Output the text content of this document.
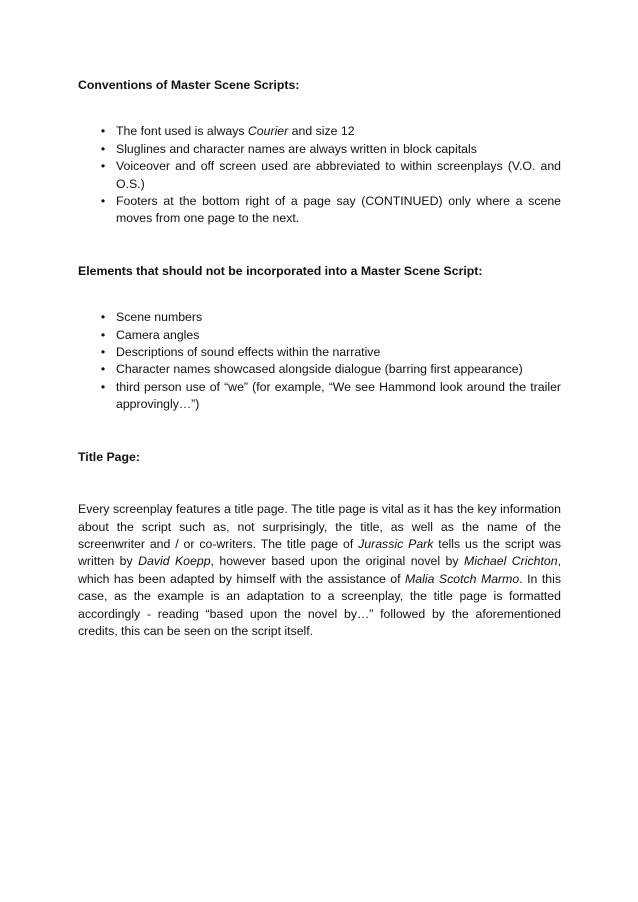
Conventions of Master Scene Scripts:

• The font used is always Courier and size 12
• Sluglines and character names are always written in block capitals
• Voiceover and off screen used are abbreviated to within screenplays (V.O. and O.S.)
• Footers at the bottom right of a page say (CONTINUED) only where a scene moves from one page to the next.

Elements that should not be incorporated into a Master Scene Script:

• Scene numbers
• Camera angles
• Descriptions of sound effects within the narrative
• Character names showcased alongside dialogue (barring first appearance)
• third person use of “we” (for example, “We see Hammond look around the trailer approvingly…”)

Title Page:

Every screenplay features a title page. The title page is vital as it has the key information about the script such as, not surprisingly, the title, as well as the name of the screenwriter and / or co-writers. The title page of Jurassic Park tells us the script was written by David Koepp, however based upon the original novel by Michael Crichton, which has been adapted by himself with the assistance of Malia Scotch Marmo. In this case, as the example is an adaptation to a screenplay, the title page is formatted accordingly - reading “based upon the novel by…” followed by the aforementioned credits, this can be seen on the script itself.
